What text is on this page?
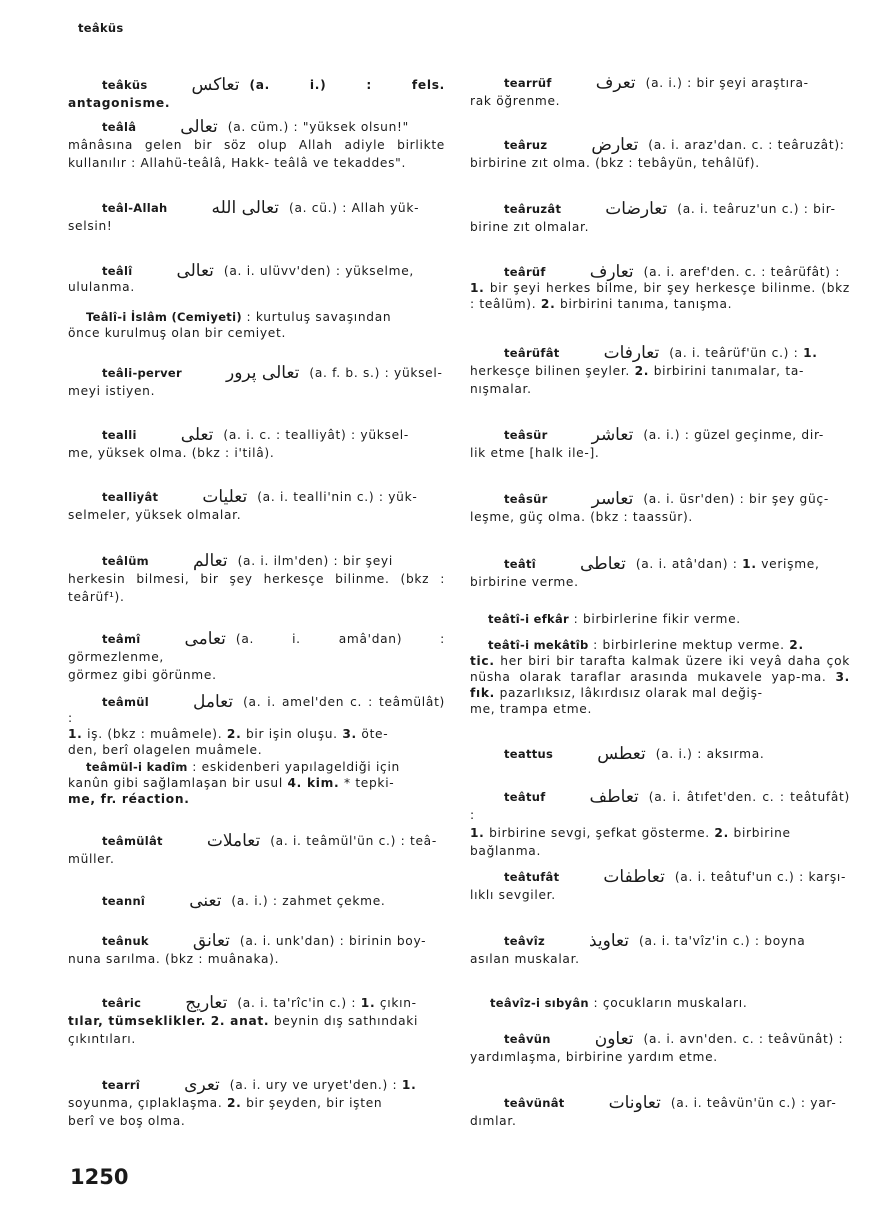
teâküs
teâküs	تعاكس (a. i.) : fels. antagonisme.
teâlâ	تعالى (a. cüm.) : "yüksek olsun!"
mânâsına gelen bir söz olup Allah adiyle birlikte kullanılır : Allahü-teâlâ, Hakk- teâlâ ve tekaddes".
teâl-Allah	تعالى الله (a. cü.) : Allah yük-
selsin!
teâlî	تعالى (a. i. ulüvv'den) : yükselme,
ululanma.
Teâlî-i İslâm (Cemiyeti) : kurtuluş savaşından
önce kurulmuş olan bir cemiyet.
teâli-perver	تعالى پرور (a. f. b. s.) : yüksel-
meyi istiyen.
tealli	تعلى (a. i. c. : tealliyât) : yüksel-
me, yüksek olma. (bkz : i'tilâ).
tealliyât	تعليات (a. i. tealli'nin c.) : yük-
selmeler, yüksek olmalar.
teâlüm	تعالم (a. i. ilm'den) : bir şeyi
herkesin bilmesi, bir şey herkesçe bilinme. (bkz : teârüf¹).
teâmî	تعامى (a. i. amâ'dan) : görmezlenme,
görmez gibi görünme.
teâmül	تعامل (a. i. amel'den c. : teâmülât) :
1. iş. (bkz : muâmele). 2. bir işin oluşu. 3. öte-
den, berî olagelen muâmele.
teâmül-i kadîm : eskidenberi yapılageldiği için
kanûn gibi sağlamlaşan bir usul 4. kim. * tepki-
me, fr. réaction.
teâmülât	تعاملات (a. i. teâmül'ün c.) : teâ-
müller.
teannî	تعنى (a. i.) : zahmet çekme.
teânuk	تعانق (a. i. unk'dan) : birinin boy-
nuna sarılma. (bkz : muânaka).
teâric	تعاريج (a. i. ta'rîc'in c.) : 1. çıkın-
tılar, tümseklikler. 2. anat. beynin dış sathındaki
çıkıntıları.
tearrî	تعرى (a. i. ury ve uryet'den.) : 1.
soyunma, çıplaklaşma. 2. bir şeyden, bir işten
berî ve boş olma.
tearrüf	تعرف (a. i.) : bir şeyi araştıra-
rak öğrenme.
teâruz	تعارض (a. i. araz'dan. c. : teâruzât):
birbirine zıt olma. (bkz : tebâyün, tehâlüf).
teâruzât	تعارضات (a. i. teâruz'un c.) : bir-
birine zıt olmalar.
teârüf	تعارف (a. i. aref'den. c. : teârüfât) :
1. bir şeyi herkes bilme, bir şey herkesçe bilinme. (bkz : teâlüm). 2. birbirini tanıma, tanışma.
teârüfât	تعارفات (a. i. teârüf'ün c.) : 1.
herkesçe bilinen şeyler. 2. birbirini tanımalar, ta-
nışmalar.
teâsür	تعاشر (a. i.) : güzel geçinme, dir-
lik etme [halk ile-].
teâsür	تعاسر (a. i. üsr'den) : bir şey güç-
leşme, güç olma. (bkz : taassür).
teâtî	تعاطى (a. i. atâ'dan) : 1. verişme,
birbirine verme.
teâtî-i efkâr : birbirlerine fikir verme.
teâtî-i mekâtîb : birbirlerine mektup verme. 2.
tic. her biri bir tarafta kalmak üzere iki veyâ daha çok nüsha olarak taraflar arasında mukavele yap-ma. 3. fık. pazarlıksız, lâkırdısız olarak mal değiş-
me, trampa etme.
teattus	تعطس (a. i.) : aksırma.
teâtuf	تعاطف (a. i. âtıfet'den. c. : teâtufât) :
1. birbirine sevgi, şefkat gösterme. 2. birbirine
bağlanma.
teâtufât	تعاطفات (a. i. teâtuf'un c.) : karşı-
lıklı sevgiler.
teâvîz	تعاويذ (a. i. ta'vîz'in c.) : boyna
asılan muskalar.
teâvîz-i sıbyân : çocukların muskaları.
teâvün	تعاون (a. i. avn'den. c. : teâvünât) :
yardımlaşma, birbirine yardım etme.
teâvünât	تعاونات (a. i. teâvün'ün c.) : yar-
dımlar.
1250
